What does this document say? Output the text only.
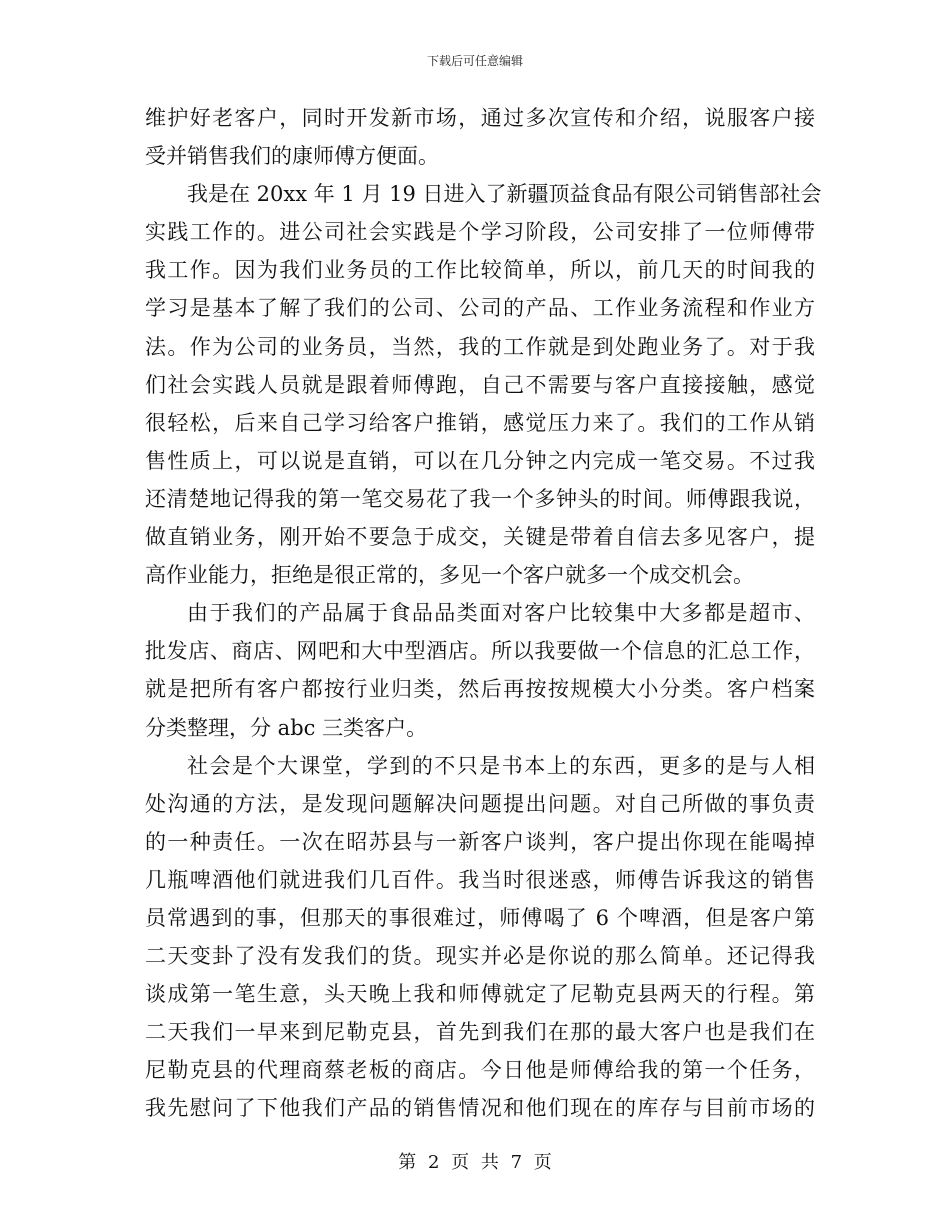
下载后可任意编辑
维护好老客户，同时开发新市场，通过多次宣传和介绍，说服客户接
受并销售我们的康师傅方便面。
我是在 20xx 年 1 月 19 日进入了新疆顶益食品有限公司销售部社会
实践工作的。进公司社会实践是个学习阶段，公司安排了一位师傅带
我工作。因为我们业务员的工作比较简单，所以，前几天的时间我的
学习是基本了解了我们的公司、公司的产品、工作业务流程和作业方
法。作为公司的业务员，当然，我的工作就是到处跑业务了。对于我
们社会实践人员就是跟着师傅跑，自己不需要与客户直接接触，感觉
很轻松，后来自己学习给客户推销，感觉压力来了。我们的工作从销
售性质上，可以说是直销，可以在几分钟之内完成一笔交易。不过我
还清楚地记得我的第一笔交易花了我一个多钟头的时间。师傅跟我说，
做直销业务，刚开始不要急于成交，关键是带着自信去多见客户，提
高作业能力，拒绝是很正常的，多见一个客户就多一个成交机会。
由于我们的产品属于食品品类面对客户比较集中大多都是超市、
批发店、商店、网吧和大中型酒店。所以我要做一个信息的汇总工作，
就是把所有客户都按行业归类，然后再按按规模大小分类。客户档案
分类整理，分 abc 三类客户。
社会是个大课堂，学到的不只是书本上的东西，更多的是与人相
处沟通的方法，是发现问题解决问题提出问题。对自己所做的事负责
的一种责任。一次在昭苏县与一新客户谈判，客户提出你现在能喝掉
几瓶啤酒他们就进我们几百件。我当时很迷惑，师傅告诉我这的销售
员常遇到的事，但那天的事很难过，师傅喝了 6 个啤酒，但是客户第
二天变卦了没有发我们的货。现实并必是你说的那么简单。还记得我
谈成第一笔生意，头天晚上我和师傅就定了尼勒克县两天的行程。第
二天我们一早来到尼勒克县，首先到我们在那的最大客户也是我们在
尼勒克县的代理商蔡老板的商店。今日他是师傅给我的第一个任务，
我先慰问了下他我们产品的销售情况和他们现在的库存与目前市场的
第 2 页 共 7 页
